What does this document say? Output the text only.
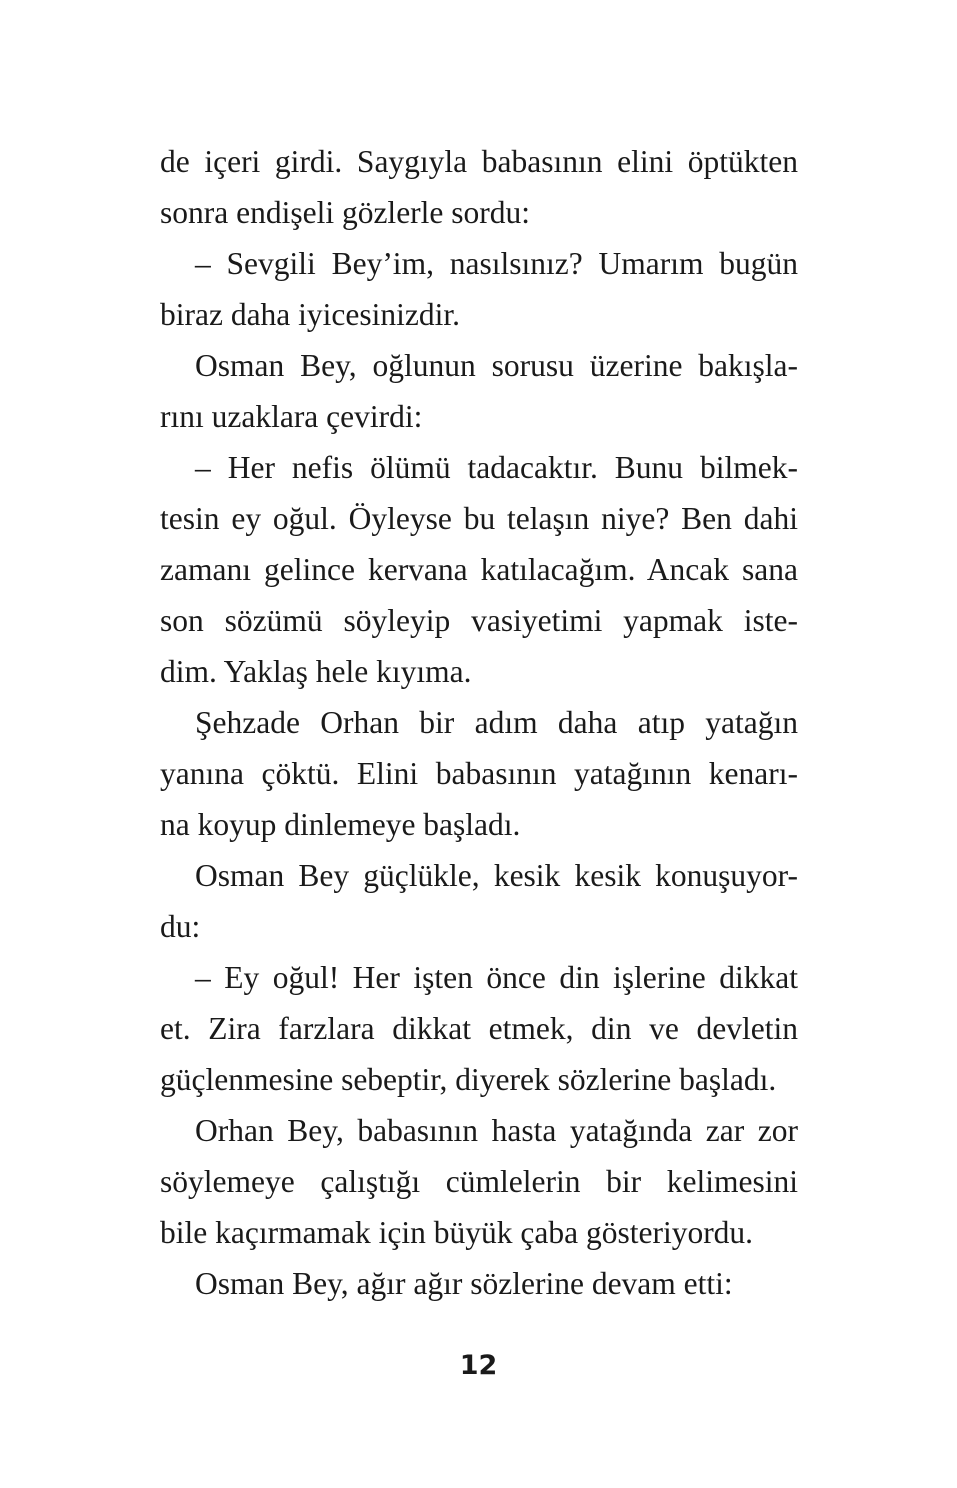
de içeri girdi. Saygıyla babasının elini öptükten
sonra endişeli gözlerle sordu:
– Sevgili Bey’im, nasılsınız? Umarım bugün
biraz daha iyicesinizdir.
Osman Bey, oğlunun sorusu üzerine bakışla-
rını uzaklara çevirdi:
– Her nefis ölümü tadacaktır. Bunu bilmek-
tesin ey oğul. Öyleyse bu telaşın niye? Ben dahi
zamanı gelince kervana katılacağım. Ancak sana
son sözümü söyleyip vasiyetimi yapmak iste-
dim. Yaklaş hele kıyıma.
Şehzade Orhan bir adım daha atıp yatağın
yanına çöktü. Elini babasının yatağının kenarı-
na koyup dinlemeye başladı.
Osman Bey güçlükle, kesik kesik konuşuyor-
du:
– Ey oğul! Her işten önce din işlerine dikkat
et. Zira farzlara dikkat etmek, din ve devletin
güçlenmesine sebeptir, diyerek sözlerine başladı.
Orhan Bey, babasının hasta yatağında zar zor
söylemeye çalıştığı cümlelerin bir kelimesini
bile kaçırmamak için büyük çaba gösteriyordu.
Osman Bey, ağır ağır sözlerine devam etti:
12
